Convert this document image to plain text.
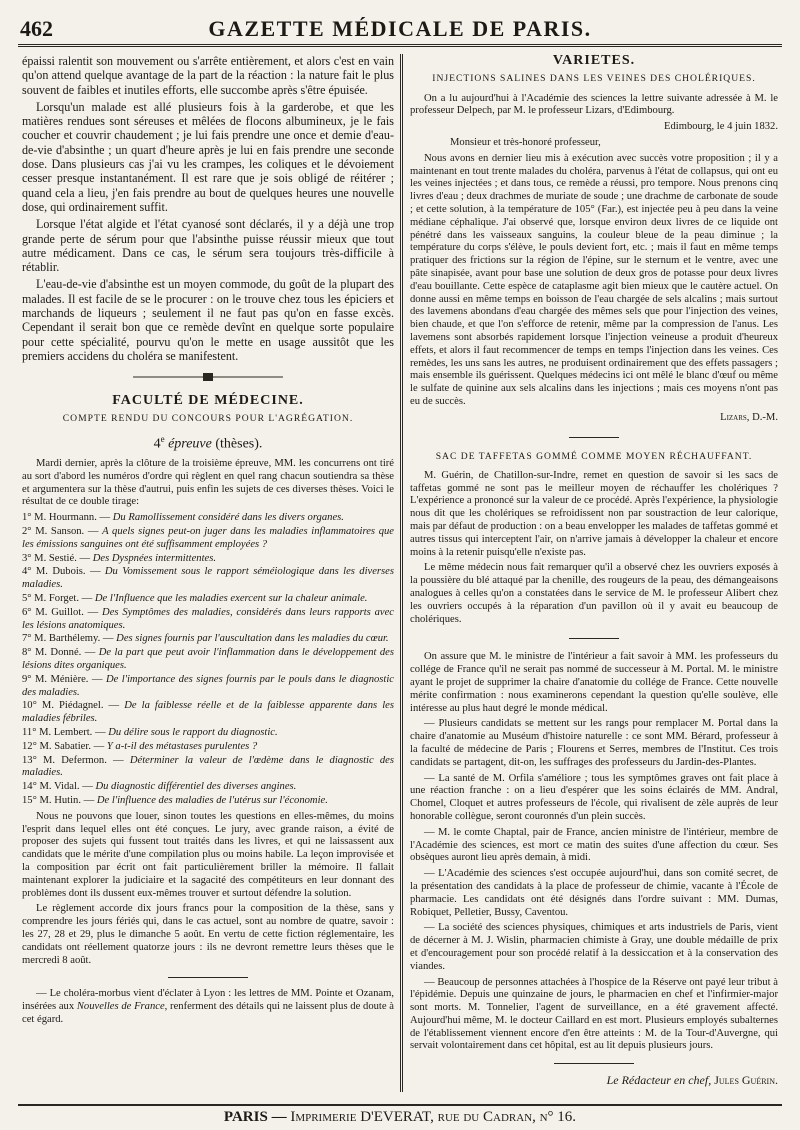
462	GAZETTE MÉDICALE DE PARIS.

épaissi ralentit son mouvement ou s'arrête entièrement, et alors c'est en vain qu'on attend quelque avantage de la part de la réaction : la nature fait le plus souvent de faibles et inutiles efforts, elle succombe après s'être épuisée.

Lorsqu'un malade est allé plusieurs fois à la garderobe, et que les matières rendues sont séreuses et mêlées de flocons albumineux, je le fais coucher et couvrir chaudement ; je lui fais prendre une once et demie d'eau-de-vie d'absinthe ; un quart d'heure après je lui en fais prendre une seconde dose. Dans plusieurs cas j'ai vu les crampes, les coliques et le dévoiement cesser presque instantanément. Il est rare que je sois obligé de réitérer ; quand cela a lieu, j'en fais prendre au bout de quelques heures une nouvelle dose, qui ordinairement suffit.

Lorsque l'état algide et l'état cyanosé sont déclarés, il y a déjà une trop grande perte de sérum pour que l'absinthe puisse réussir mieux que tout autre médicament. Dans ce cas, le sérum sera toujours très-difficile à rétablir.

L'eau-de-vie d'absinthe est un moyen commode, du goût de la plupart des malades. Il est facile de se le procurer : on le trouve chez tous les épiciers et marchands de liqueurs ; seulement il ne faut pas qu'on en fasse excès. Cependant il serait bon que ce remède devînt en quelque sorte populaire pour cette spécialité, pourvu qu'on le mette en usage aussitôt que les premiers accidens du choléra se manifestent.

FACULTÉ DE MÉDECINE.
COMPTE RENDU DU CONCOURS POUR L'AGRÉGATION.
4e épreuve (thèses).

Mardi dernier, après la clôture de la troisième épreuve, MM. les concurrens ont tiré au sort d'abord les numéros d'ordre qui règlent en quel rang chacun soutiendra sa thèse et argumentera sur la thèse d'autrui, puis enfin les sujets de ces diverses thèses. Voici le résultat de ce double tirage:

1° M. Hourmann. — Du Ramollissement considéré dans les divers organes.

2° M. Sanson. — A quels signes peut-on juger dans les maladies inflammatoires que les émissions sanguines ont été suffisamment employées ?

3° M. Sestié. — Des Dyspnées intermittentes.

4° M. Dubois. — Du Vomissement sous le rapport séméiologique dans les diverses maladies.

5° M. Forget. — De l'Influence que les maladies exercent sur la chaleur animale.

6° M. Guillot. — Des Symptômes des maladies, considérés dans leurs rapports avec les lésions anatomiques.

7° M. Barthélemy. — Des signes fournis par l'auscultation dans les maladies du cœur.

8° M. Donné. — De la part que peut avoir l'inflammation dans le développement des lésions dites organiques.

9° M. Ménière. — De l'importance des signes fournis par le pouls dans le diagnostic des maladies.

10° M. Piédagnel. — De la faiblesse réelle et de la faiblesse apparente dans les maladies fébriles.

11° M. Lembert. — Du délire sous le rapport du diagnostic.

12° M. Sabatier. — Y a-t-il des métastases purulentes ?

13° M. Defermon. — Déterminer la valeur de l'œdème dans le diagnostic des maladies.

14° M. Vidal. — Du diagnostic différentiel des diverses angines.

15° M. Hutin. — De l'influence des maladies de l'utérus sur l'économie.

Nous ne pouvons que louer, sinon toutes les questions en elles-mêmes, du moins l'esprit dans lequel elles ont été conçues. Le jury, avec grande raison, a évité de proposer des sujets qui fussent tout traités dans les livres, et qui ne laissassent aux candidats que le mérite d'une compilation plus ou moins habile. La leçon improvisée et la composition par écrit ont fait particulièrement briller la mémoire. Il fallait maintenant explorer la judiciaire et la sagacité des compétiteurs en leur donnant des problèmes dont ils dussent eux-mêmes trouver et surtout défendre la solution.

Le règlement accorde dix jours francs pour la composition de la thèse, sans y comprendre les jours fériés qui, dans le cas actuel, sont au nombre de quatre, savoir : les 27, 28 et 29, plus le dimanche 5 août. En vertu de cette fiction réglementaire, les candidats ont réellement quatorze jours : ils ne devront remettre leurs thèses que le mercredi 8 août.

— Le choléra-morbus vient d'éclater à Lyon : les lettres de MM. Pointe et Ozanam, insérées aux Nouvelles de France, renferment des détails qui ne laissent plus de doute à cet égard.

VARIÉTÉS.
INJECTIONS SALINES DANS LES VEINES DES CHOLÉRIQUES.

On a lu aujourd'hui à l'Académie des sciences la lettre suivante adressée à M. le professeur Delpech, par M. le professeur Lizars, d'Edimbourg.

Edimbourg, le 4 juin 1832.

Monsieur et très-honoré professeur,

Nous avons en dernier lieu mis à exécution avec succès votre proposition ; il y a maintenant en tout trente malades du choléra, parvenus à l'état de collapsus, qui ont eu les veines injectées ; et dans tous, ce remède a réussi, pro tempore. Nous prenons cinq livres d'eau ; deux drachmes de muriate de soude ; une drachme de carbonate de soude ; et cette solution, à la température de 105° (Far.), est injectée peu à peu dans la veine médiane céphalique. J'ai observé que, lorsque environ deux livres de ce liquide ont pénétré dans les vaisseaux sanguins, la couleur bleue de la peau diminue ; la température du corps s'élève, le pouls devient fort, etc. ; mais il faut en même temps pratiquer des frictions sur la région de l'épine, sur le sternum et le ventre, avec une pâte sinapisée, avant pour base une solution de deux gros de potasse pour deux livres d'eau bouillante. Cette espèce de cataplasme agit bien mieux que le cautère actuel. On donne aussi en même temps en boisson de l'eau chargée de sels alcalins ; mais surtout des lavemens abondans d'eau chargée des mêmes sels que pour l'injection des veines, bien chaude, et que l'on s'efforce de retenir, même par la compression de l'anus. Les lavemens sont absorbés rapidement lorsque l'injection veineuse a produit d'heureux effets, et alors il faut recommencer de temps en temps l'injection dans les veines. Ces remèdes, les uns sans les autres, ne produisent ordinairement que des effets passagers ; mais ensemble ils guérissent. Quelques médecins ici ont mêlé le blanc d'œuf ou même le sulfate de quinine aux sels alcalins dans les injections ; mais ces moyens n'ont pas eu de succès.

Lizars, D.-M.

SAC DE TAFFETAS GOMMÉ COMME MOYEN RÉCHAUFFANT.

M. Guérin, de Chatillon-sur-Indre, remet en question de savoir si les sacs de taffetas gommé ne sont pas le meilleur moyen de réchauffer les cholériques ? L'expérience a prononcé sur la valeur de ce procédé. Après l'expérience, la physiologie nous dit que les cholériques se refroidissent non par soustraction de leur calorique, mais par défaut de production : on a beau envelopper les malades de taffetas gommé et autres tissus qui interceptent l'air, on n'arrive jamais à développer la chaleur et encore moins à la retenir puisqu'elle n'existe pas.

Le même médecin nous fait remarquer qu'il a observé chez les ouvriers exposés à la poussière du blé attaqué par la chenille, des rougeurs de la peau, des démangeaisons analogues à celles qu'on a constatées dans le service de M. le professeur Alibert chez les ouvriers occupés à la réparation d'un pavillon où il y avait eu beaucoup de cholériques.

On assure que M. le ministre de l'intérieur a fait savoir à MM. les professeurs du collége de France qu'il ne serait pas nommé de successeur à M. Portal. M. le ministre ayant le projet de supprimer la chaire d'anatomie du collége de France. Cette nouvelle mérite confirmation : nous examinerons cependant la question qu'elle soulève, elle intéresse au plus haut degré le monde médical.

— Plusieurs candidats se mettent sur les rangs pour remplacer M. Portal dans la chaire d'anatomie au Muséum d'histoire naturelle : ce sont MM. Bérard, professeur à la faculté de médecine de Paris ; Flourens et Serres, membres de l'Institut. Ces trois candidats se partagent, dit-on, les suffrages des professeurs du Jardin-des-Plantes.

— La santé de M. Orfila s'améliore ; tous les symptômes graves ont fait place à une réaction franche : on a lieu d'espérer que les soins éclairés de MM. Andral, Chomel, Cloquet et autres professeurs de l'école, qui rivalisent de zèle auprès de leur honorable collègue, seront couronnés d'un plein succès.

— M. le comte Chaptal, pair de France, ancien ministre de l'intérieur, membre de l'Académie des sciences, est mort ce matin des suites d'une affection du cœur. Ses obsèques auront lieu après demain, à midi.

— L'Académie des sciences s'est occupée aujourd'hui, dans son comité secret, de la présentation des candidats à la place de professeur de chimie, vacante à l'École de pharmacie. Les candidats ont été désignés dans l'ordre suivant : MM. Dumas, Robiquet, Pelletier, Bussy, Caventou.

— La société des sciences physiques, chimiques et arts industriels de Paris, vient de décerner à M. J. Wislin, pharmacien chimiste à Gray, une double médaille de prix et d'encouragement pour son procédé relatif à la dessiccation et à la conservation des viandes.

— Beaucoup de personnes attachées à l'hospice de la Réserve ont payé leur tribut à l'épidémie. Depuis une quinzaine de jours, le pharmacien en chef et l'infirmier-major sont morts. M. Tonnelier, l'agent de surveillance, en a été gravement affecté. Aujourd'hui même, M. le docteur Caillard en est mort. Plusieurs employés subalternes de l'établissement viennent encore d'en être atteints : M. de la Tour-d'Auvergne, qui servait volontairement dans cet hôpital, est au lit depuis plusieurs jours.

Le Rédacteur en chef, Jules Guérin.

PARIS — Imprimerie D'EVERAT, rue du Cadran, n° 16.
